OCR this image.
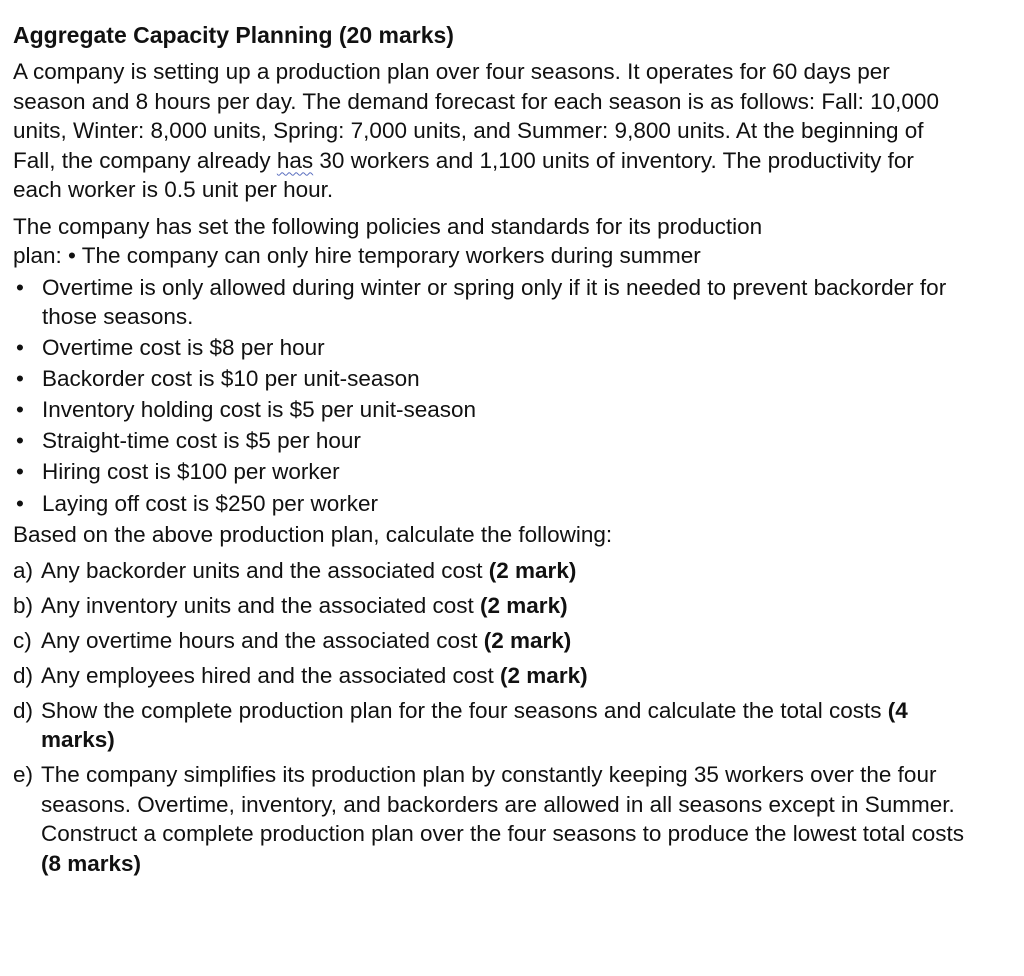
Aggregate Capacity Planning (20 marks)

A company is setting up a production plan over four seasons. It operates for 60 days per season and 8 hours per day. The demand forecast for each season is as follows: Fall: 10,000 units, Winter: 8,000 units, Spring: 7,000 units, and Summer: 9,800 units. At the beginning of Fall, the company already has 30 workers and 1,100 units of inventory. The productivity for each worker is 0.5 unit per hour.

The company has set the following policies and standards for its production plan: • The company can only hire temporary workers during summer

• Overtime is only allowed during winter or spring only if it is needed to prevent backorder for those seasons.
• Overtime cost is $8 per hour
• Backorder cost is $10 per unit-season
• Inventory holding cost is $5 per unit-season
• Straight-time cost is $5 per hour
• Hiring cost is $100 per worker
• Laying off cost is $250 per worker

Based on the above production plan, calculate the following:

a) Any backorder units and the associated cost (2 mark)
b) Any inventory units and the associated cost (2 mark)
c) Any overtime hours and the associated cost (2 mark)
d) Any employees hired and the associated cost (2 mark)
d) Show the complete production plan for the four seasons and calculate the total costs (4 marks)
e) The company simplifies its production plan by constantly keeping 35 workers over the four seasons. Overtime, inventory, and backorders are allowed in all seasons except in Summer. Construct a complete production plan over the four seasons to produce the lowest total costs (8 marks)
